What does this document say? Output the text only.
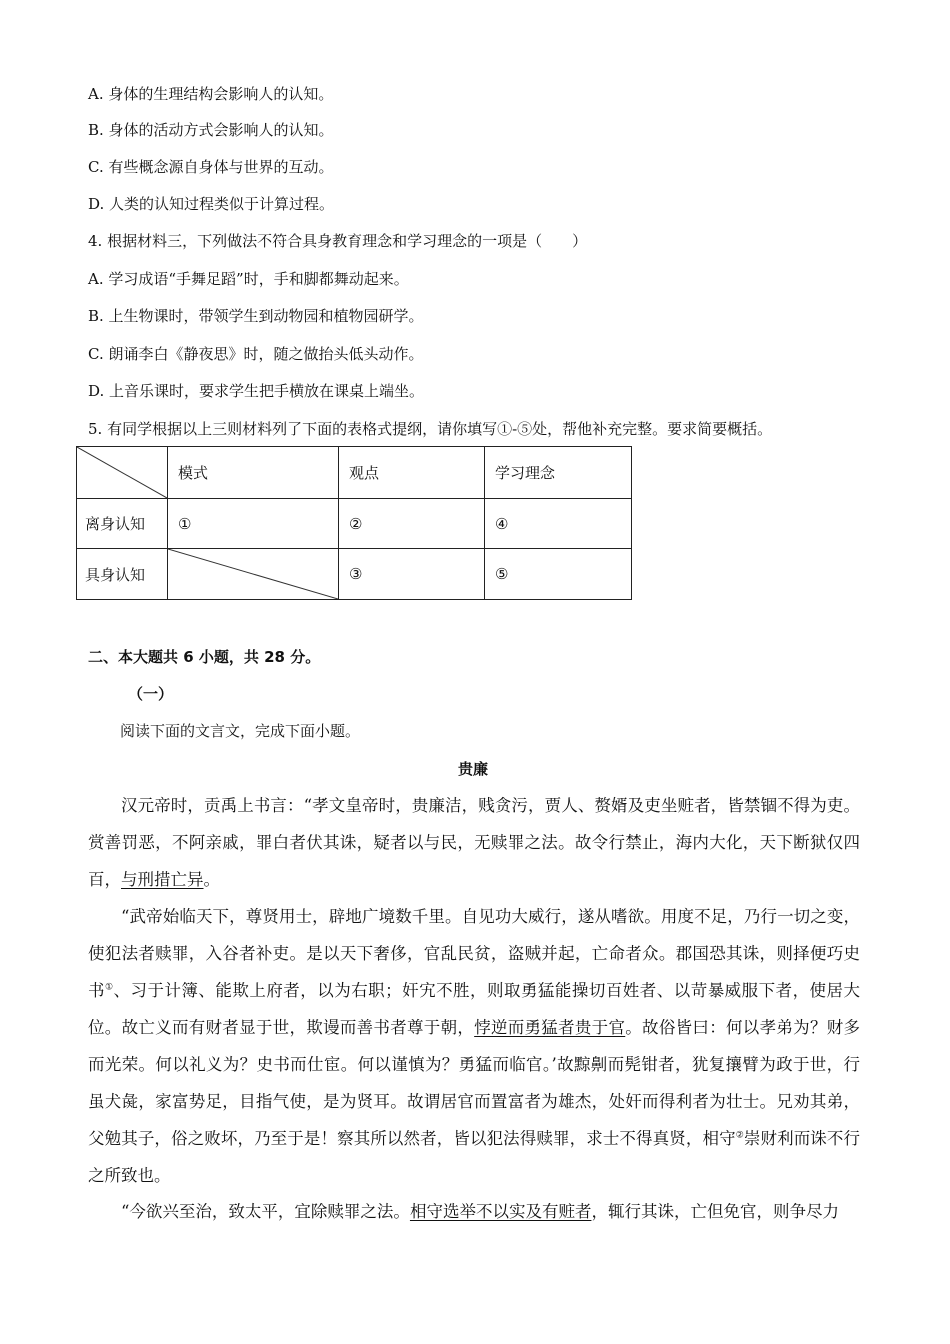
A. 身体的生理结构会影响人的认知。
B. 身体的活动方式会影响人的认知。
C. 有些概念源自身体与世界的互动。
D. 人类的认知过程类似于计算过程。
4. 根据材料三，下列做法不符合具身教育理念和学习理念的一项是（　　）
A. 学习成语“手舞足蹈”时，手和脚都舞动起来。
B. 上生物课时，带领学生到动物园和植物园研学。
C. 朗诵李白《静夜思》时，随之做抬头低头动作。
D. 上音乐课时，要求学生把手横放在课桌上端坐。
5. 有同学根据以上三则材料列了下面的表格式提纲，请你填写①-⑤处，帮他补充完整。要求简要概括。
	模式	观点	学习理念
离身认知	①	②	④
具身认知		③	⑤
二、本大题共 6 小题，共 28 分。
（一）
阅读下面的文言文，完成下面小题。
贵廉
汉元帝时，贡禹上书言：“孝文皇帝时，贵廉洁，贱贪污，贾人、赘婿及吏坐赃者，皆禁锢不得为吏。赏善罚恶，不阿亲戚，罪白者伏其诛，疑者以与民，无赎罪之法。故令行禁止，海内大化，天下断狱仅四百，与刑措亡异。
“武帝始临天下，尊贤用士，辟地广境数千里。自见功大威行，遂从嗜欲。用度不足，乃行一切之变，使犯法者赎罪，入谷者补吏。是以天下奢侈，官乱民贫，盗贼并起，亡命者众。郡国恐其诛，则择便巧史书①、习于计簿、能欺上府者，以为右职；奸宄不胜，则取勇猛能操切百姓者、以苛暴威服下者，使居大位。故亡义而有财者显于世，欺谩而善书者尊于朝，悖逆而勇猛者贵于官。故俗皆曰：何以孝弟为？财多而光荣。何以礼义为？史书而仕宦。何以谨慎为？勇猛而临官。’故黥劓而髡钳者，犹复攘臂为政于世，行虽犬彘，家富势足，目指气使，是为贤耳。故谓居官而置富者为雄杰，处奸而得利者为壮士。兄劝其弟，父勉其子，俗之败坏，乃至于是！察其所以然者，皆以犯法得赎罪，求士不得真贤，相守②崇财利而诛不行之所致也。
“今欲兴至治，致太平，宜除赎罪之法。相守选举不以实及有赃者，辄行其诛，亡但免官，则争尽力
